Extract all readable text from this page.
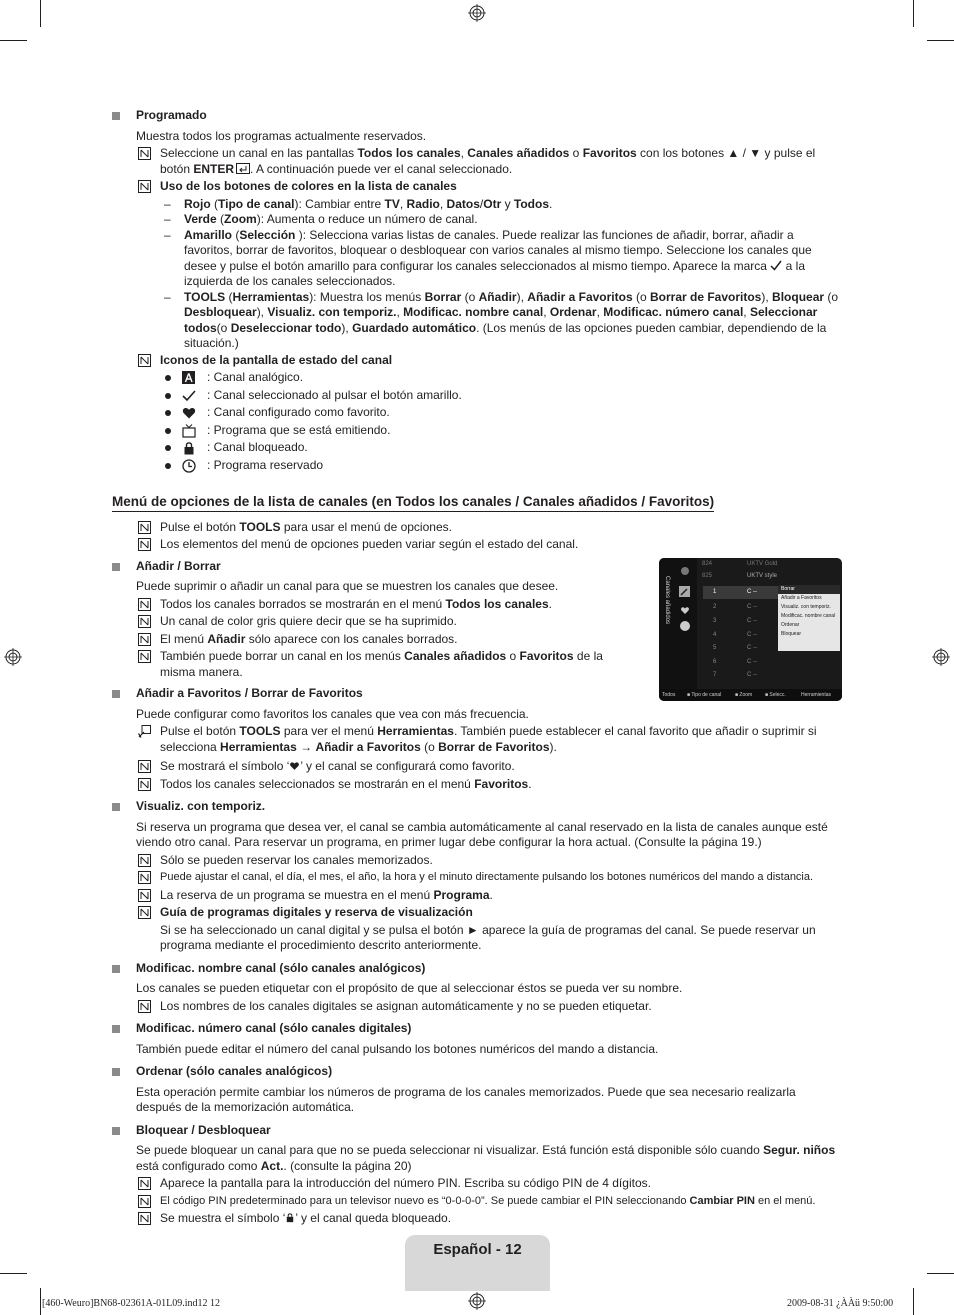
Programado

Muestra todos los programas actualmente reservados.

Seleccione un canal en las pantallas Todos los canales, Canales añadidos o Favoritos con los botones ▲ / ▼ y pulse el botón ENTER . A continuación puede ver el canal seleccionado.
Uso de los botones de colores en la lista de canales
– Rojo (Tipo de canal): Cambiar entre TV, Radio, Datos/Otr y Todos.
– Verde (Zoom): Aumenta o reduce un número de canal.
– Amarillo (Selección ): Selecciona varias listas de canales. Puede realizar las funciones de añadir, borrar, añadir a favoritos, borrar de favoritos, bloquear o desbloquear con varios canales al mismo tiempo. Seleccione los canales que desee y pulse el botón amarillo para configurar los canales seleccionados al mismo tiempo. Aparece la marca  a la izquierda de los canales seleccionados.
– TOOLS (Herramientas): Muestra los menús Borrar (o Añadir), Añadir a Favoritos (o Borrar de Favoritos), Bloquear (o Desbloquear), Visualiz. con temporiz., Modificac. nombre canal, Ordenar, Modificac. número canal, Seleccionar todos(o Deseleccionar todo), Guardado automático. (Los menús de las opciones pueden cambiar, dependiendo de la situación.)
Iconos de la pantalla de estado del canal
: Canal analógico.
: Canal seleccionado al pulsar el botón amarillo.
: Canal configurado como favorito.
: Programa que se está emitiendo.
: Canal bloqueado.
: Programa reservado
Menú de opciones de la lista de canales (en Todos los canales / Canales añadidos / Favoritos)
Pulse el botón TOOLS para usar el menú de opciones.
Los elementos del menú de opciones pueden variar según el estado del canal.

Añadir / Borrar

Puede suprimir o añadir un canal para que se muestren los canales que desee.

Todos los canales borrados se mostrarán en el menú Todos los canales.
Un canal de color gris quiere decir que se ha suprimido.
El menú Añadir sólo aparece con los canales borrados.
También puede borrar un canal en los menús Canales añadidos o Favoritos de la misma manera.

Añadir a Favoritos / Borrar de Favoritos

Puede configurar como favoritos los canales que vea con más frecuencia.

Pulse el botón TOOLS para ver el menú Herramientas. También puede establecer el canal favorito que añadir o suprimir si selecciona Herramientas → Añadir a Favoritos (o Borrar de Favoritos).
Se mostrará el símbolo ‘ ’ y el canal se configurará como favorito.
Todos los canales seleccionados se mostrarán en el menú Favoritos.

Visualiz. con temporiz.

Si reserva un programa que desea ver, el canal se cambia automáticamente al canal reservado en la lista de canales aunque esté viendo otro canal. Para reservar un programa, en primer lugar debe configurar la hora actual. (Consulte la página 19.)

Sólo se pueden reservar los canales memorizados.
Puede ajustar el canal, el día, el mes, el año, la hora y el minuto directamente pulsando los botones numéricos del mando a distancia.
La reserva de un programa se muestra en el menú Programa.
Guía de programas digitales y reserva de visualización

Si se ha seleccionado un canal digital y se pulsa el botón ► aparece la guía de programas del canal. Se puede reservar un programa mediante el procedimiento descrito anteriormente.

Modificac. nombre canal (sólo canales analógicos)

Los canales se pueden etiquetar con el propósito de que al seleccionar éstos se pueda ver su nombre.

Los nombres de los canales digitales se asignan automáticamente y no se pueden etiquetar.

Modificac. número canal (sólo canales digitales)

También puede editar el número del canal pulsando los botones numéricos del mando a distancia.

Ordenar (sólo canales analógicos)

Esta operación permite cambiar los números de programa de los canales memorizados. Puede que sea necesario realizarla después de la memorización automática.

Bloquear / Desbloquear

Se puede bloquear un canal para que no se pueda seleccionar ni visualizar. Está función está disponible sólo cuando Segur. niños está configurado como Act.. (consulte la página 20)

Aparece la pantalla para la introducción del número PIN. Escriba su código PIN de 4 dígitos.
El código PIN predeterminado para un televisor nuevo es “0-0-0-0”. Se puede cambiar el PIN seleccionando Cambiar PIN en el menú.
Se muestra el símbolo ‘ ’ y el canal queda bloqueado.
Canales añadidos
824	UKTV Gold
825	UKTV style
1	C --
2	C --
3	C --
4	C --
5	C --
6	C --
7	C --
Borrar
Añadir a Favoritos
Visualiz. con temporiz.
Modificac. nombre canal
Ordenar
Bloquear
Todos ■ Tipo de canal	■ Zoom	■ Selecc.	Herramientas
Español - 12
[460-Weuro]BN68-02361A-01L09.ind12 12	2009-08-31 ¿ÀÀü 9:50:00
